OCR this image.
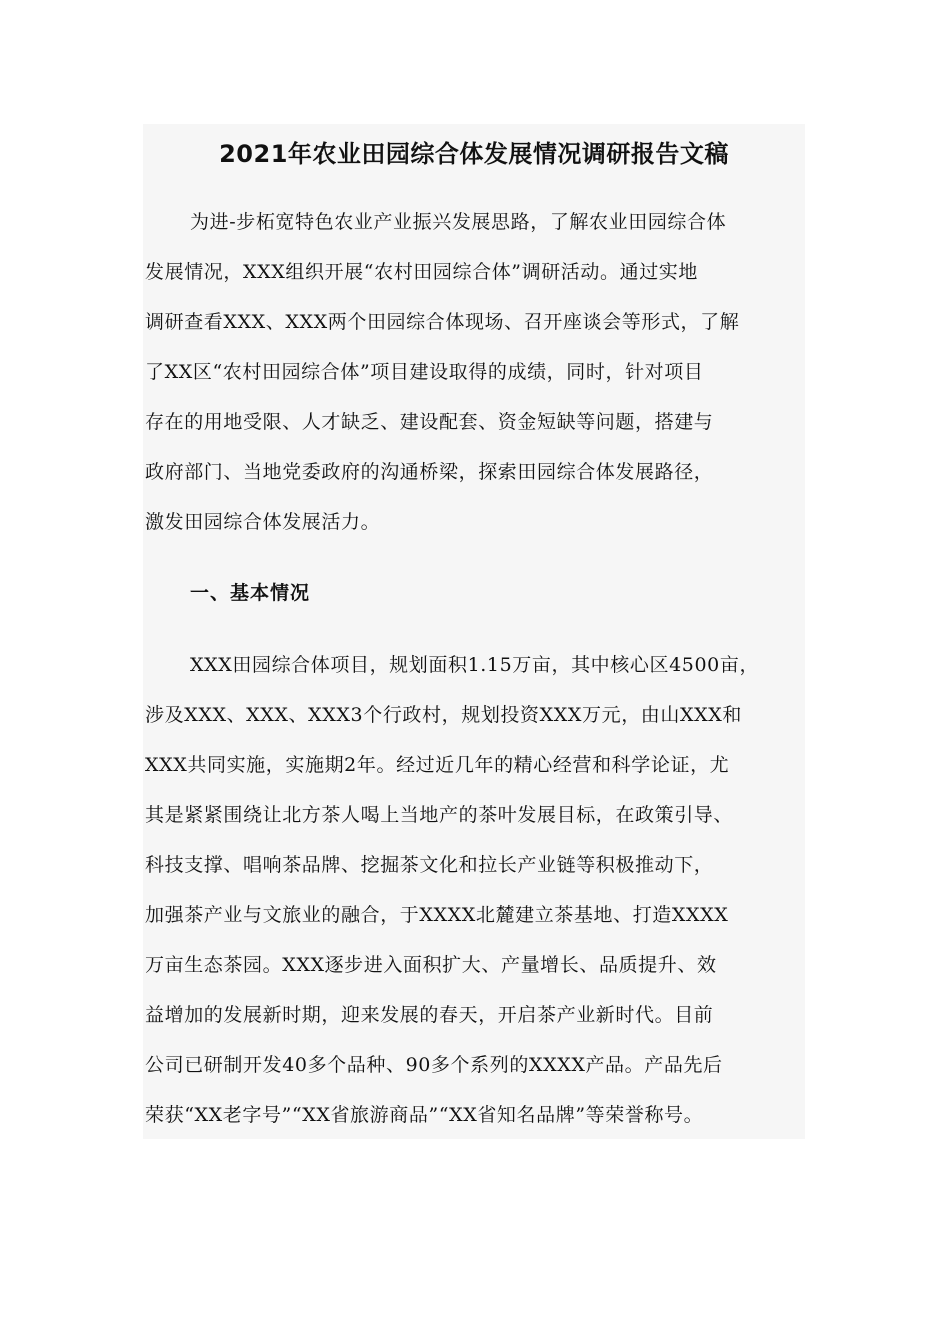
2021年农业田园综合体发展情况调研报告文稿
为进-步柘宽特色农业产业振兴发展思路，了解农业田园综合体
发展情况，XXX组织开展“农村田园综合体”调研活动。通过实地
调研查看XXX、XXX两个田园综合体现场、召开座谈会等形式，了解
了XX区“农村田园综合体”项目建设取得的成绩，同时，针对项目
存在的用地受限、人才缺乏、建设配套、资金短缺等问题，搭建与
政府部门、当地党委政府的沟通桥梁，探索田园综合体发展路径，
激发田园综合体发展活力。
一、基本情况
XXX田园综合体项目，规划面积1.15万亩，其中核心区4500亩，
涉及XXX、XXX、XXX3个行政村，规划投资XXX万元，由山XXX和
XXX共同实施，实施期2年。经过近几年的精心经营和科学论证，尤
其是紧紧围绕让北方茶人喝上当地产的茶叶发展目标，在政策引导、
科技支撑、唱响茶品牌、挖掘茶文化和拉长产业链等积极推动下，
加强茶产业与文旅业的融合，于XXXX北麓建立茶基地、打造XXXX
万亩生态茶园。XXX逐步进入面积扩大、产量增长、品质提升、效
益增加的发展新时期，迎来发展的春天，开启茶产业新时代。目前
公司已研制开发40多个品种、90多个系列的XXXX产品。产品先后
荣获“XX老字号”“XX省旅游商品”“XX省知名品牌”等荣誉称号。
